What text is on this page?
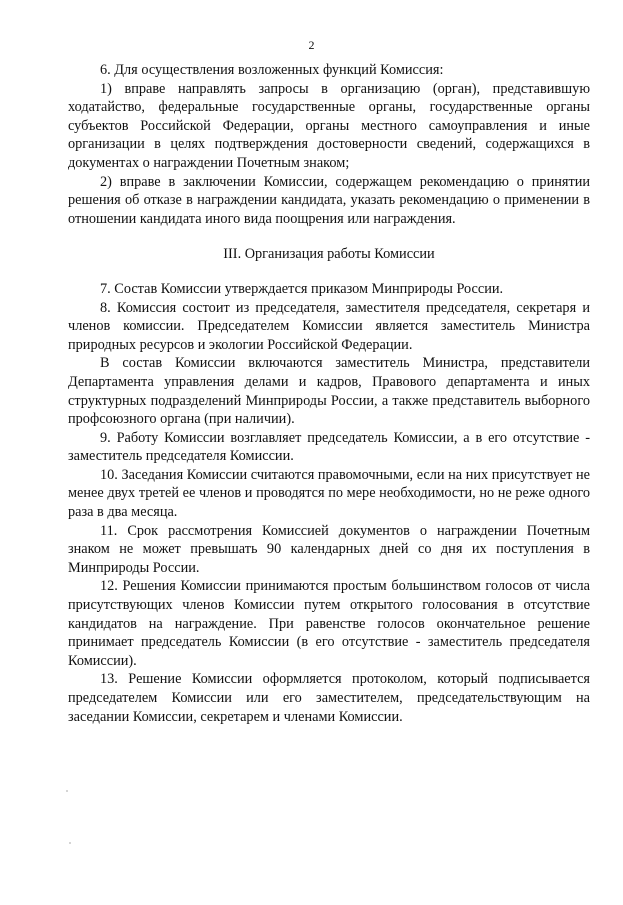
2

6. Для осуществления возложенных функций Комиссия:

1) вправе направлять запросы в организацию (орган), представившую ходатайство, федеральные государственные органы, государственные органы субъектов Российской Федерации, органы местного самоуправления и иные организации в целях подтверждения достоверности сведений, содержащихся в документах о награждении Почетным знаком;

2) вправе в заключении Комиссии, содержащем рекомендацию о принятии решения об отказе в награждении кандидата, указать рекомендацию о применении в отношении кандидата иного вида поощрения или награждения.

III. Организация работы Комиссии

7. Состав Комиссии утверждается приказом Минприроды России.

8. Комиссия состоит из председателя, заместителя председателя, секретаря и членов комиссии. Председателем Комиссии является заместитель Министра природных ресурсов и экологии Российской Федерации.

В состав Комиссии включаются заместитель Министра, представители Департамента управления делами и кадров, Правового департамента и иных структурных подразделений Минприроды России, а также представитель выборного профсоюзного органа (при наличии).

9. Работу Комиссии возглавляет председатель Комиссии, а в его отсутствие - заместитель председателя Комиссии.

10. Заседания Комиссии считаются правомочными, если на них присутствует не менее двух третей ее членов и проводятся по мере необходимости, но не реже одного раза в два месяца.

11. Срок рассмотрения Комиссией документов о награждении Почетным знаком не может превышать 90 календарных дней со дня их поступления в Минприроды России.

12. Решения Комиссии принимаются простым большинством голосов от числа присутствующих членов Комиссии путем открытого голосования в отсутствие кандидатов на награждение. При равенстве голосов окончательное решение принимает председатель Комиссии (в его отсутствие - заместитель председателя Комиссии).

13. Решение Комиссии оформляется протоколом, который подписывается председателем Комиссии или его заместителем, председательствующим на заседании Комиссии, секретарем и членами Комиссии.
